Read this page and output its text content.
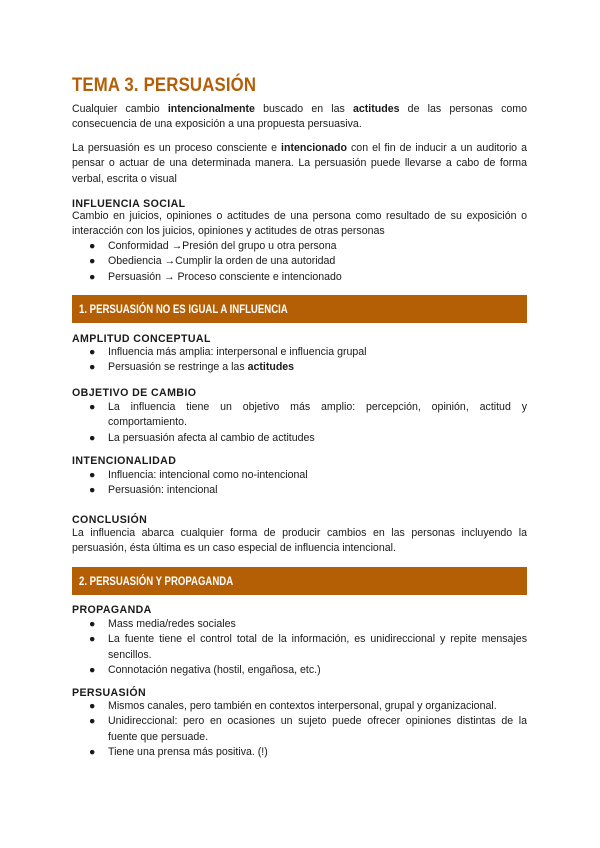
TEMA 3. PERSUASIÓN
Cualquier cambio intencionalmente buscado en las actitudes de las personas como consecuencia de una exposición a una propuesta persuasiva.
La persuasión es un proceso consciente e intencionado con el fin de inducir a un auditorio a pensar o actuar de una determinada manera. La persuasión puede llevarse a cabo de forma verbal, escrita o visual
INFLUENCIA SOCIAL
Cambio en juicios, opiniones o actitudes de una persona como resultado de su exposición o interacción con los juicios, opiniones y actitudes de otras personas
● Conformidad →Presión del grupo u otra persona
● Obediencia →Cumplir la orden de una autoridad
● Persuasión → Proceso consciente e intencionado
1. PERSUASIÓN NO ES IGUAL A INFLUENCIA
AMPLITUD CONCEPTUAL
● Influencia más amplia: interpersonal e influencia grupal
● Persuasión se restringe a las actitudes
OBJETIVO DE CAMBIO
● La influencia tiene un objetivo más amplio: percepción, opinión, actitud y comportamiento.
● La persuasión afecta al cambio de actitudes
INTENCIONALIDAD
● Influencia: intencional como no-intencional
● Persuasión: intencional
CONCLUSIÓN
La influencia abarca cualquier forma de producir cambios en las personas incluyendo la persuasión, ésta última es un caso especial de influencia intencional.
2. PERSUASIÓN Y PROPAGANDA
PROPAGANDA
● Mass media/redes sociales
● La fuente tiene el control total de la información, es unidireccional y repite mensajes sencillos.
● Connotación negativa (hostil, engañosa, etc.)
PERSUASIÓN
● Mismos canales, pero también en contextos interpersonal, grupal y organizacional.
● Unidireccional: pero en ocasiones un sujeto puede ofrecer opiniones distintas de la fuente que persuade.
● Tiene una prensa más positiva. (!)
